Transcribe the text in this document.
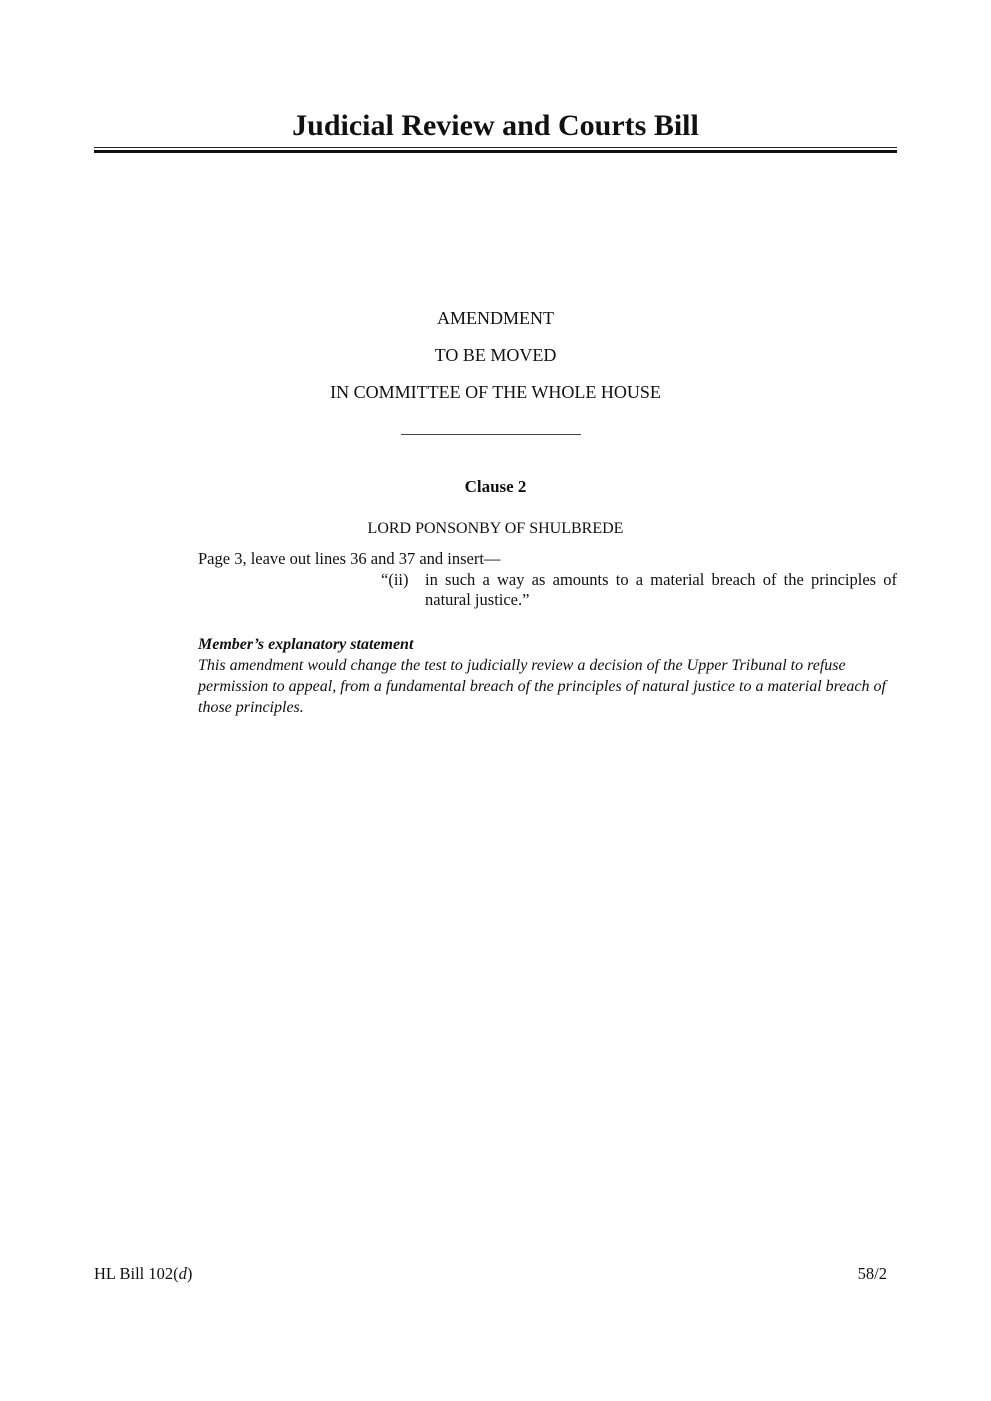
Judicial Review and Courts Bill
AMENDMENT
TO BE MOVED
IN COMMITTEE OF THE WHOLE HOUSE
Clause 2
LORD PONSONBY OF SHULBREDE
Page 3, leave out lines 36 and 37 and insert—
“(ii) in such a way as amounts to a material breach of the principles of natural justice.”
Member’s explanatory statement
This amendment would change the test to judicially review a decision of the Upper Tribunal to refuse permission to appeal, from a fundamental breach of the principles of natural justice to a material breach of those principles.
HL Bill 102(d)	58/2
